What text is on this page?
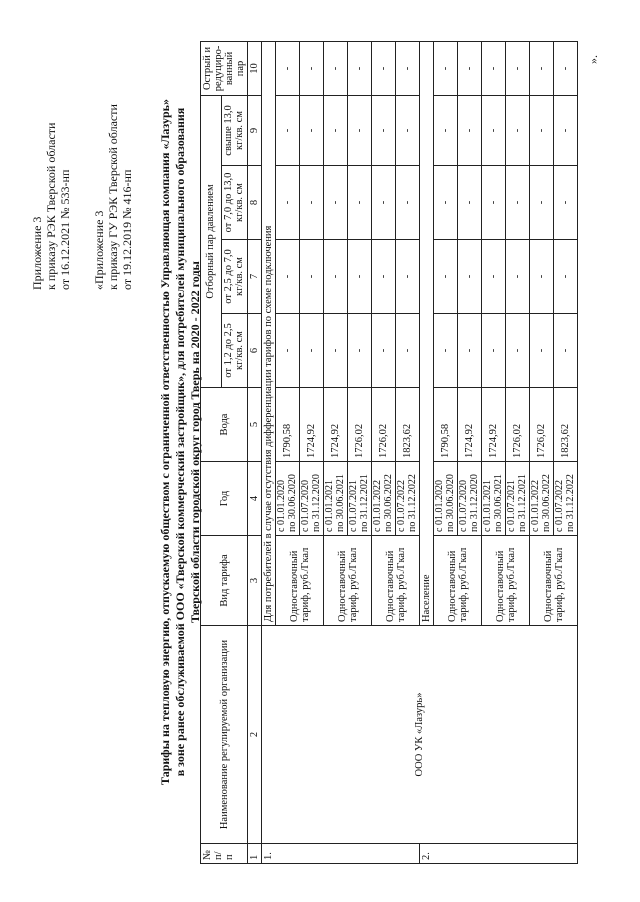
Приложение 3 к приказу РЭК Тверской области от 16.12.2021 № 533-нп «Приложение 3 к приказу ГУ РЭК Тверской области от 19.12.2019 № 416-нп Тарифы на тепловую энергию, отпускаемую обществом с ограниченной ответственностью Управляющая компания «Лазурь» в зоне ранее обслуживаемой ООО «Тверской коммерческий застройщик», для потребителей муниципального образования Тверской области городской округ город Тверь на 2020 - 2022 годы
№ п/ п	Наименование регулируемой организации	Вид тарифа	Год	Вода	Отборный пар давлением				Острый и редуциро- ванный пар
					от 1,2 до 2,5 кг/кв. см	от 2,5 до 7,0 кг/кв. см	от 7,0 до 13,0 кг/кв. см	свыше 13,0 кг/кв. см	
1	2	3	4	5	6	7	8	9	10
1.	ООО УК «Лазурь»	Для потребителей в случае отсутствия дифференциации тарифов по схеме подключения							
		Одноставочный тариф, руб./Гкал	с 01.01.2020 по 30.06.2020	1790,58	-	-	-	-	-

			с 01.07.2020 по 31.12.2020	1724,92	-	-	-	-	-
		Одноставочный тариф, руб./Гкал	с 01.01.2021 по 30.06.2021	1724,92	-	-	-	-	-

			с 01.07.2021 по 31.12.2021	1726,02	-	-	-	-	-
		Одноставочный тариф, руб./Гкал	с 01.01.2022 по 30.06.2022	1726,02	-	-	-	-	-

			с 01.07.2022 по 31.12.2022	1823,62	-	-	-	-	-
2.		Население							
		Одноставочный тариф, руб./Гкал	с 01.01.2020 по 30.06.2020	1790,58	-	-	-	-	-

			с 01.07.2020 по 31.12.2020	1724,92	-	-	-	-	-
		Одноставочный тариф, руб./Гкал	с 01.01.2021 по 30.06.2021	1724,92	-	-	-	-	-

			с 01.07.2021 по 31.12.2021	1726,02	-	-	-	-	-
		Одноставочный тариф, руб./Гкал	с 01.01.2022 по 30.06.2022	1726,02	-	-	-	-	-

			с 01.07.2022 по 31.12.2022	1823,62	-	-	-	-	-
».
